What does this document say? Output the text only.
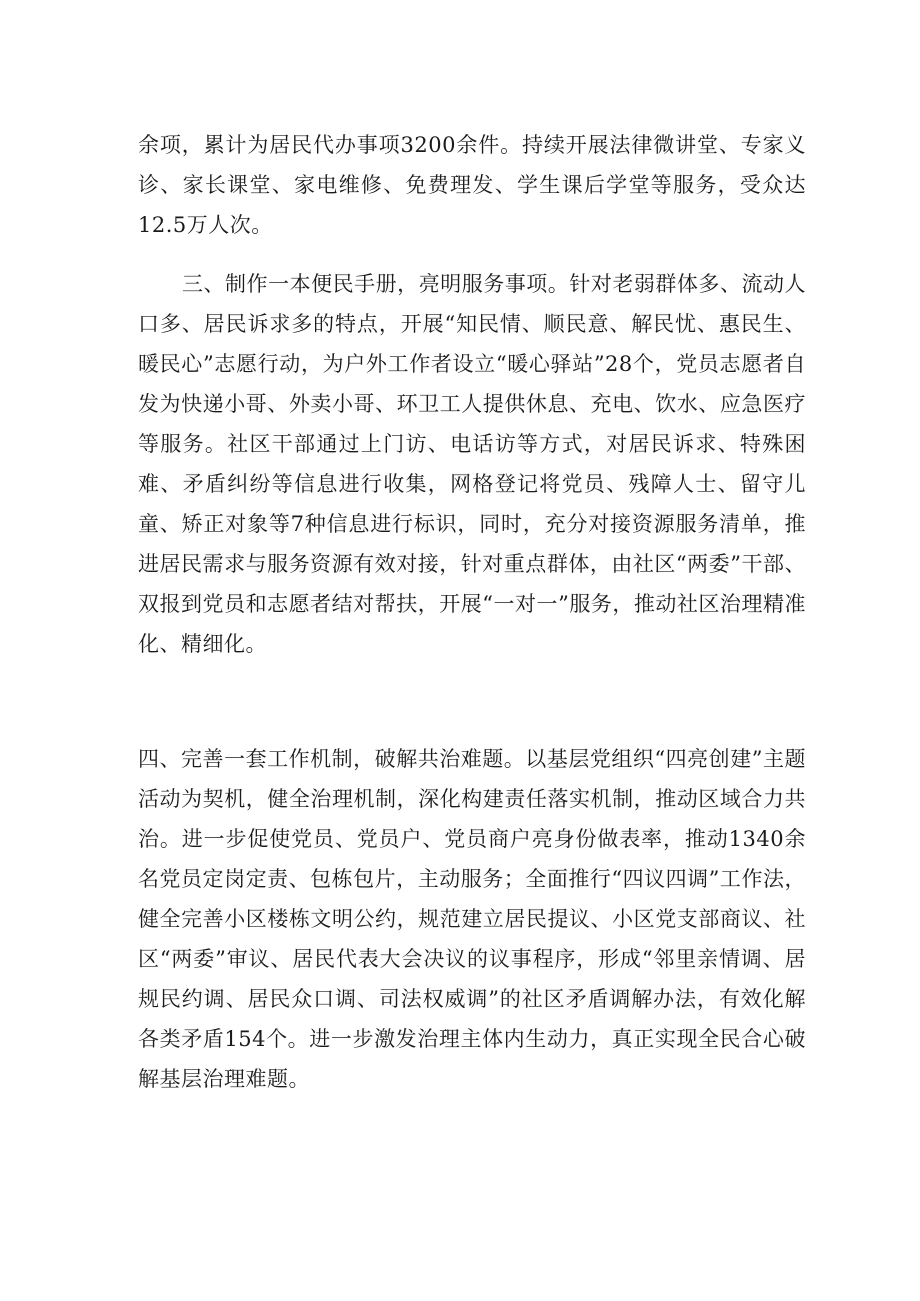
余项，累计为居民代办事项3200余件。持续开展法律微讲堂、专家义诊、家长课堂、家电维修、免费理发、学生课后学堂等服务，受众达12.5万人次。

三、制作一本便民手册，亮明服务事项。针对老弱群体多、流动人口多、居民诉求多的特点，开展“知民情、顺民意、解民忧、惠民生、暖民心”志愿行动，为户外工作者设立“暖心驿站”28个，党员志愿者自发为快递小哥、外卖小哥、环卫工人提供休息、充电、饮水、应急医疗等服务。社区干部通过上门访、电话访等方式，对居民诉求、特殊困难、矛盾纠纷等信息进行收集，网格登记将党员、残障人士、留守儿童、矫正对象等7种信息进行标识，同时，充分对接资源服务清单，推进居民需求与服务资源有效对接，针对重点群体，由社区“两委”干部、双报到党员和志愿者结对帮扶，开展“一对一”服务，推动社区治理精准化、精细化。

四、完善一套工作机制，破解共治难题。以基层党组织“四亮创建”主题活动为契机，健全治理机制，深化构建责任落实机制，推动区域合力共治。进一步促使党员、党员户、党员商户亮身份做表率，推动1340余名党员定岗定责、包栋包片，主动服务；全面推行“四议四调”工作法，健全完善小区楼栋文明公约，规范建立居民提议、小区党支部商议、社区“两委”审议、居民代表大会决议的议事程序，形成“邻里亲情调、居规民约调、居民众口调、司法权威调”的社区矛盾调解办法，有效化解各类矛盾154个。进一步激发治理主体内生动力，真正实现全民合心破解基层治理难题。
